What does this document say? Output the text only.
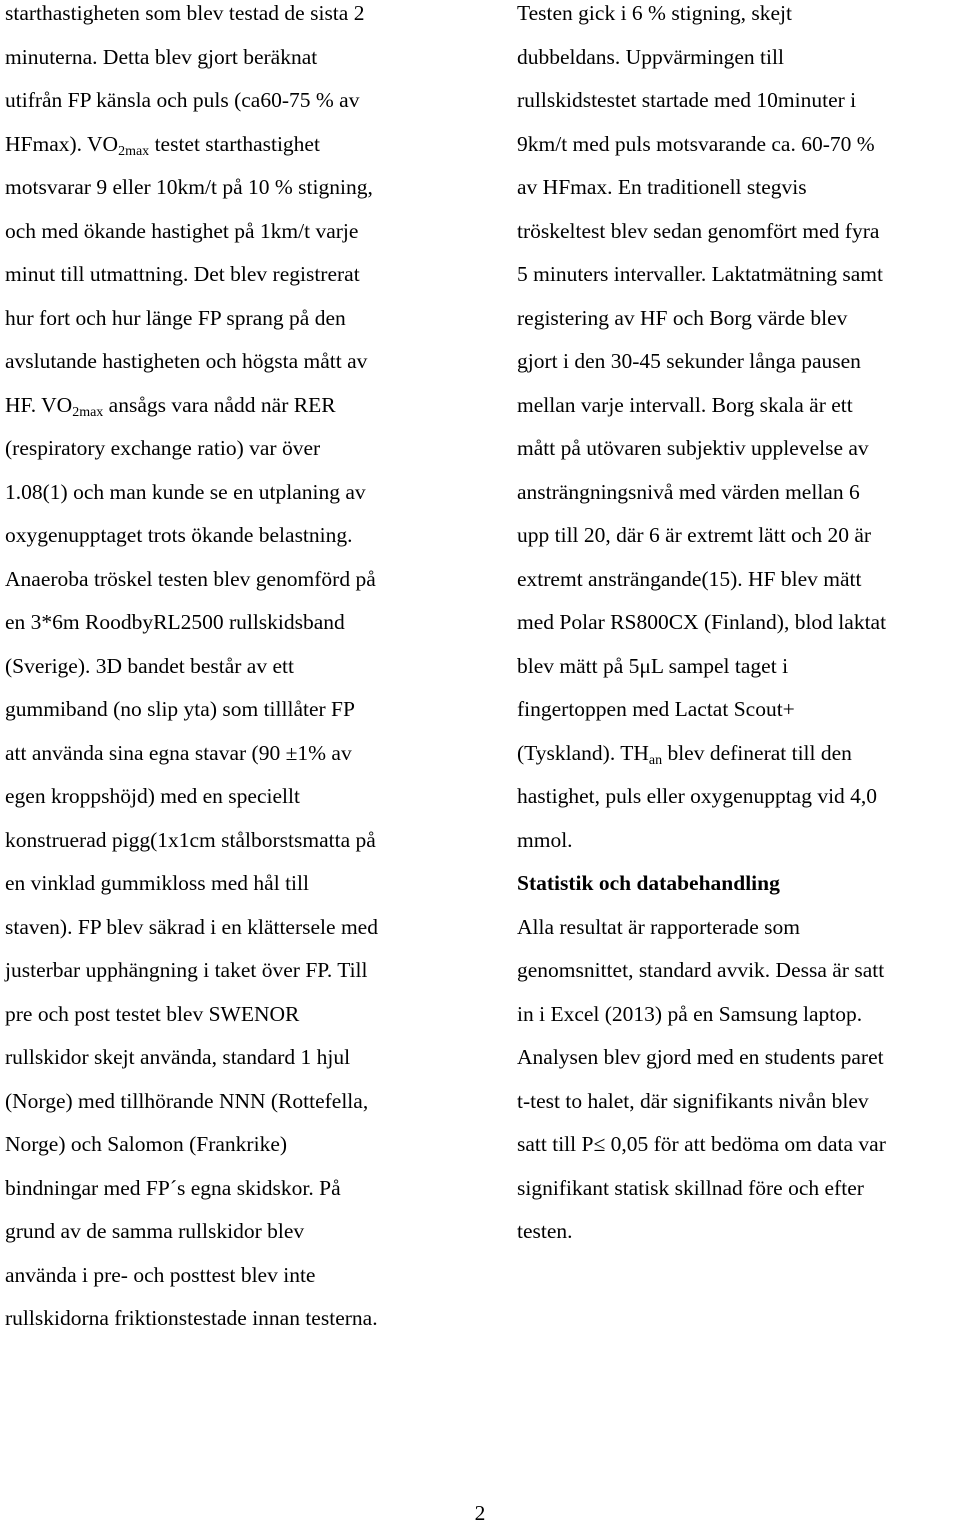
starthastigheten som blev testad de sista 2
minuterna. Detta blev gjort beräknat
utifrån FP känsla och puls (ca60-75 % av
HFmax). $VO_{2max}$ testet starthastighet
motsvarar 9 eller 10km/t på 10 % stigning,
och med ökande hastighet på 1km/t varje
minut till utmattning. Det blev registrerat
hur fort och hur länge FP sprang på den
avslutande hastigheten och högsta mått av
HF. $VO_{2max}$ ansågs vara nådd när RER
(respiratory exchange ratio) var över
1.08(1) och man kunde se en utplaning av
oxygenupptaget trots ökande belastning.
Anaeroba tröskel testen blev genomförd på
en 3*6m RoodbyRL2500 rullskidsband
(Sverige). 3D bandet består av ett
gummiband (no slip yta) som tilllåter FP
att använda sina egna stavar (90 ±1% av
egen kroppshöjd) med en speciellt
konstruerad pigg(1x1cm stålborstsmatta på
en vinklad gummikloss med hål till
staven). FP blev säkrad i en klättersele med
justerbar upphängning i taket över FP. Till
pre och post testet blev SWENOR
rullskidor skejt använda, standard 1 hjul
(Norge) med tillhörande NNN (Rottefella,
Norge) och Salomon (Frankrike)
bindningar med FP´s egna skidskor. På
grund av de samma rullskidor blev
använda i pre- och posttest blev inte
rullskidorna friktionstestade innan testerna.
Testen gick i 6 % stigning, skejt
dubbeldans. Uppvärmingen till
rullskidstestet startade med 10minuter i
9km/t med puls motsvarande ca. 60-70 %
av HFmax. En traditionell stegvis
tröskeltest blev sedan genomfört med fyra
5 minuters intervaller. Laktatmätning samt
registering av HF och Borg värde blev
gjort i den 30-45 sekunder långa pausen
mellan varje intervall. Borg skala är ett
mått på utövaren subjektiv upplevelse av
ansträngningsnivå med värden mellan 6
upp till 20, där 6 är extremt lätt och 20 är
extremt ansträngande(15). HF blev mätt
med Polar RS800CX (Finland), blod laktat
blev mätt på 5μL sampel taget i
fingertoppen med Lactat Scout+
(Tyskland). $TH_{an}$ blev definerat till den
hastighet, puls eller oxygenupptag vid 4,0
mmol.
Statistik och databehandling
Alla resultat är rapporterade som
genomsnittet, standard avvik. Dessa är satt
in i Excel (2013) på en Samsung laptop.
Analysen blev gjord med en students paret
t-test to halet, där signifikants nivån blev
satt till P≤ 0,05 för att bedöma om data var
signifikant statisk skillnad före och efter
testen.
2
